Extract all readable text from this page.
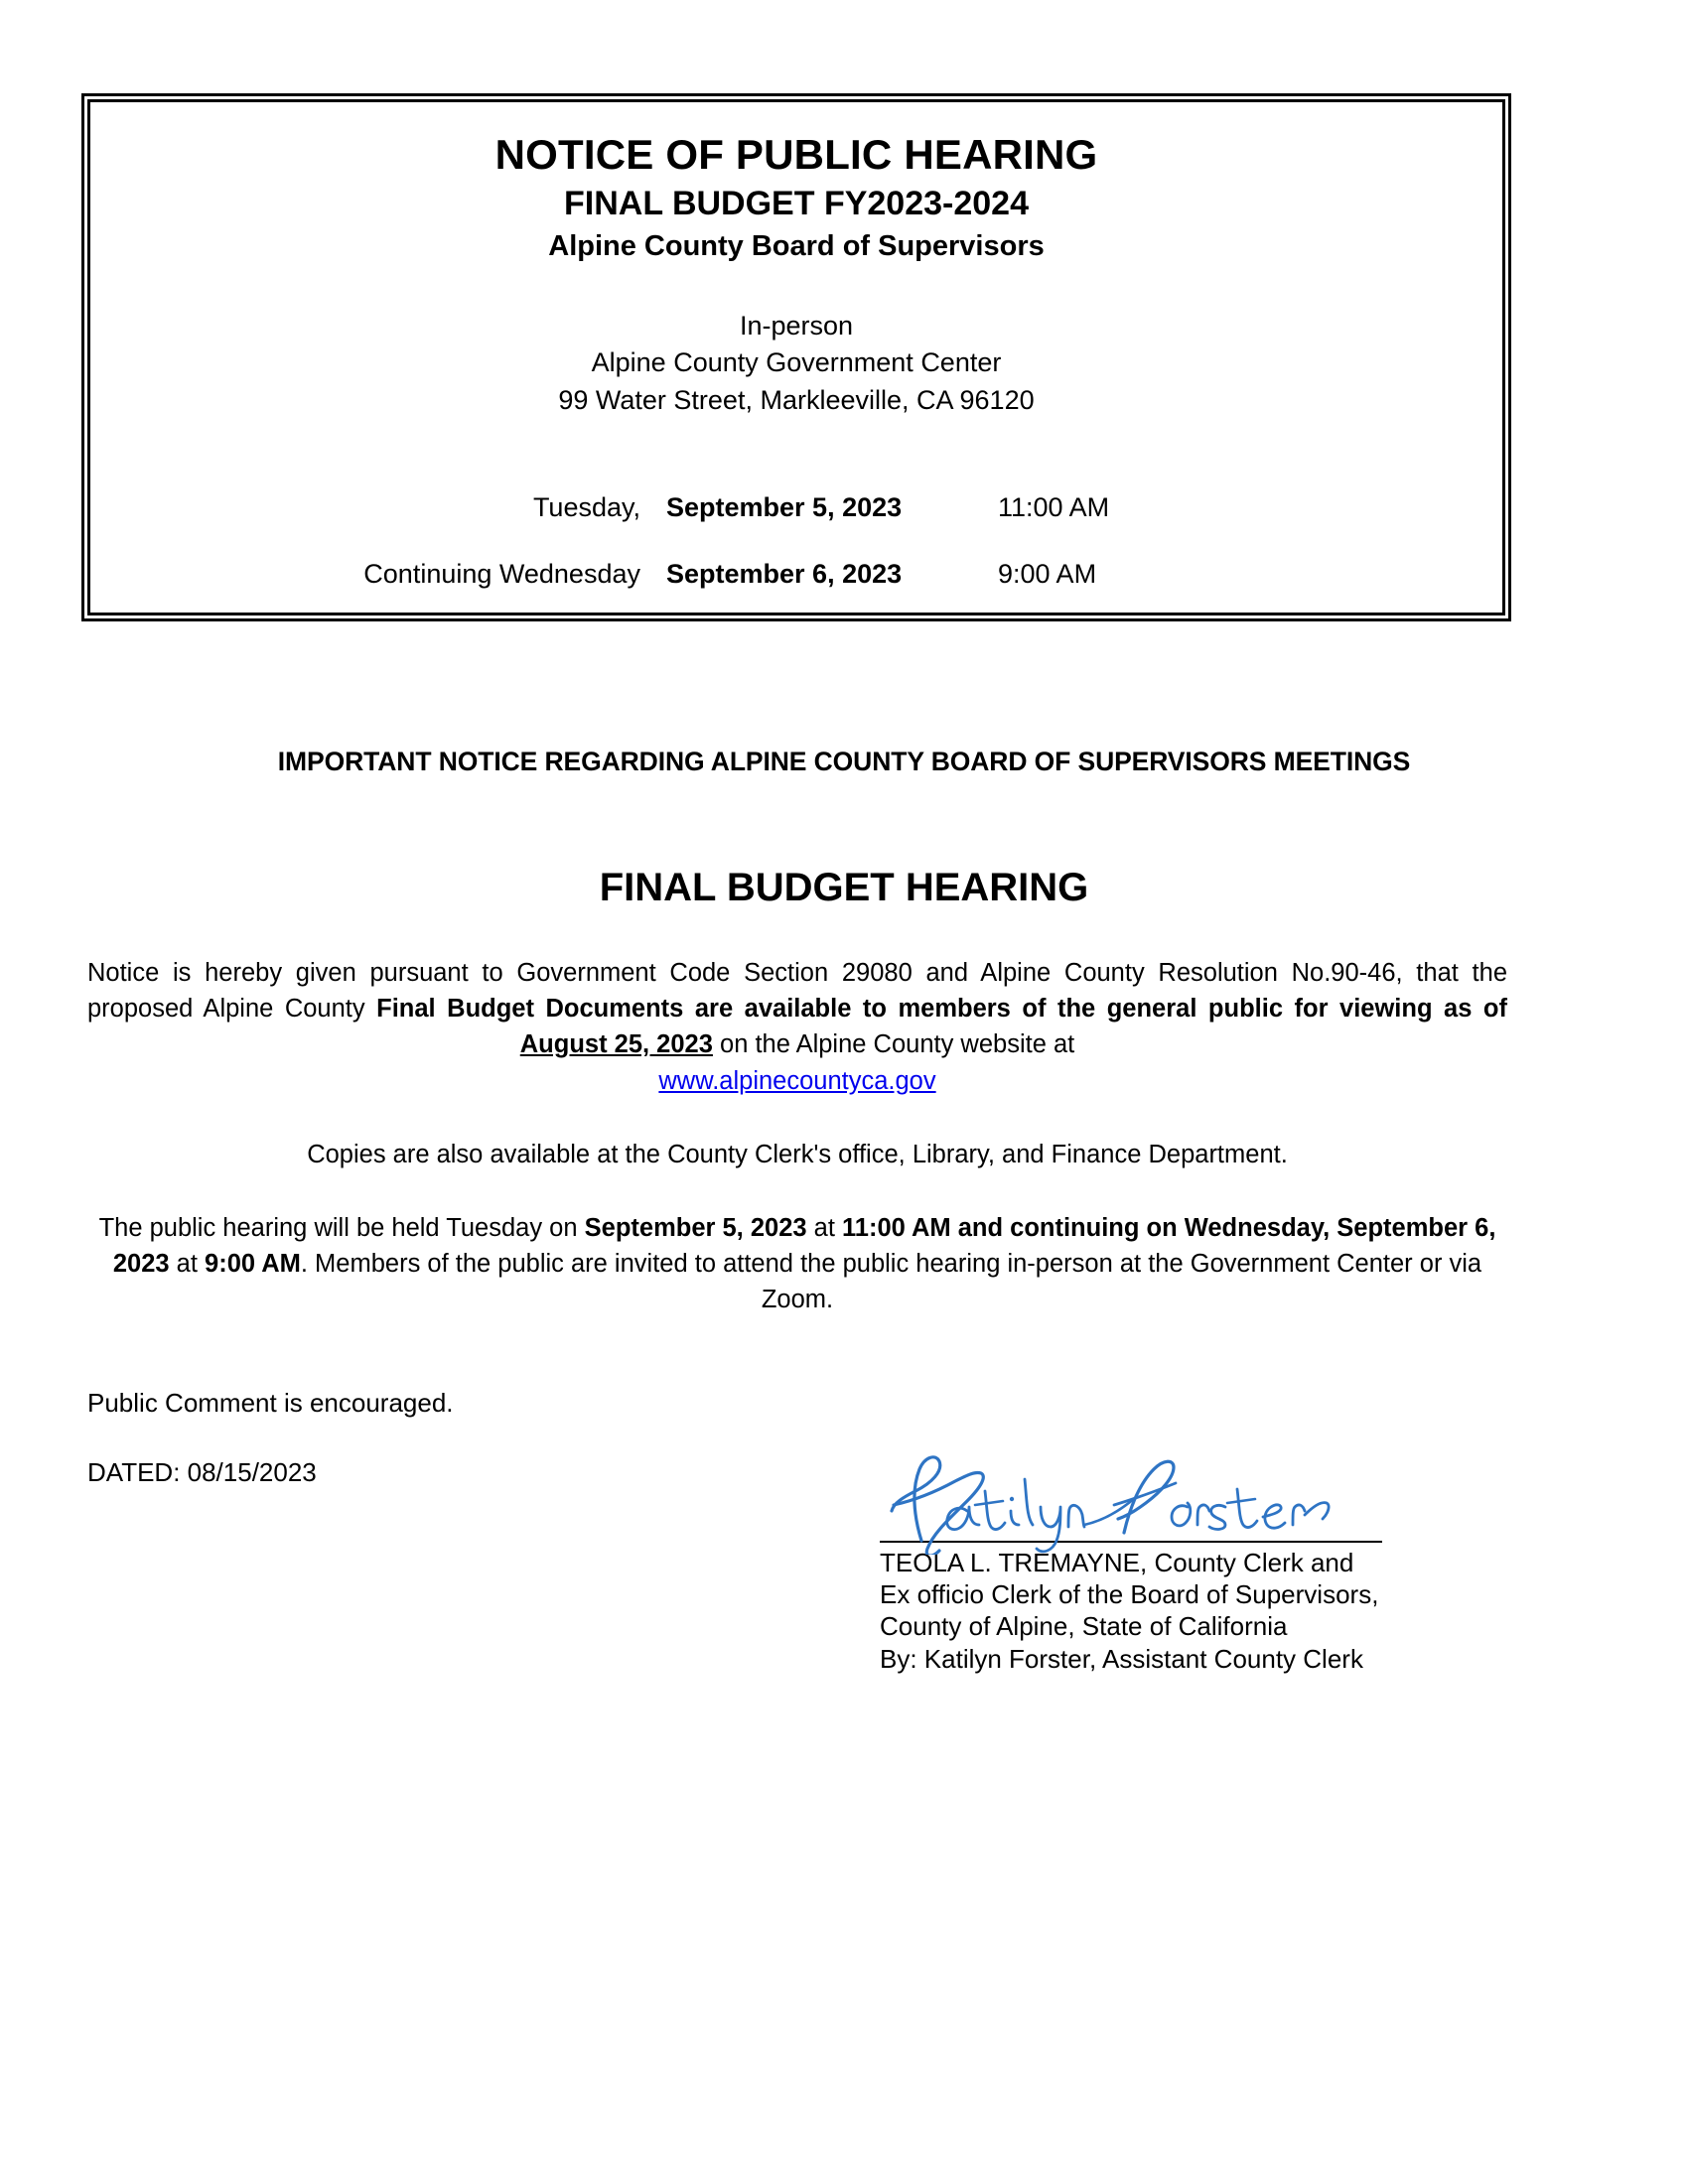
NOTICE OF PUBLIC HEARING
FINAL BUDGET FY2023-2024
Alpine County Board of Supervisors
In-person
Alpine County Government Center
99 Water Street, Markleeville, CA 96120
Tuesday, September 5, 2023	11:00 AM
Continuing Wednesday September 6, 2023	9:00 AM
IMPORTANT NOTICE REGARDING ALPINE COUNTY BOARD OF SUPERVISORS MEETINGS
FINAL BUDGET HEARING

Notice is hereby given pursuant to Government Code Section 29080 and Alpine County Resolution No.90-46, that the proposed Alpine County Final Budget Documents are available to members of the general public for viewing as of August 25, 2023 on the Alpine County website at

www.alpinecountyca.gov

Copies are also available at the County Clerk's office, Library, and Finance Department.

The public hearing will be held Tuesday on September 5, 2023 at 11:00 AM and continuing on Wednesday, September 6, 2023 at 9:00 AM. Members of the public are invited to attend the public hearing in-person at the Government Center or via Zoom.

Public Comment is encouraged.
DATED: 08/15/2023
TEOLA L. TREMAYNE, County Clerk and
Ex officio Clerk of the Board of Supervisors,
County of Alpine, State of California
By: Katilyn Forster, Assistant County Clerk
